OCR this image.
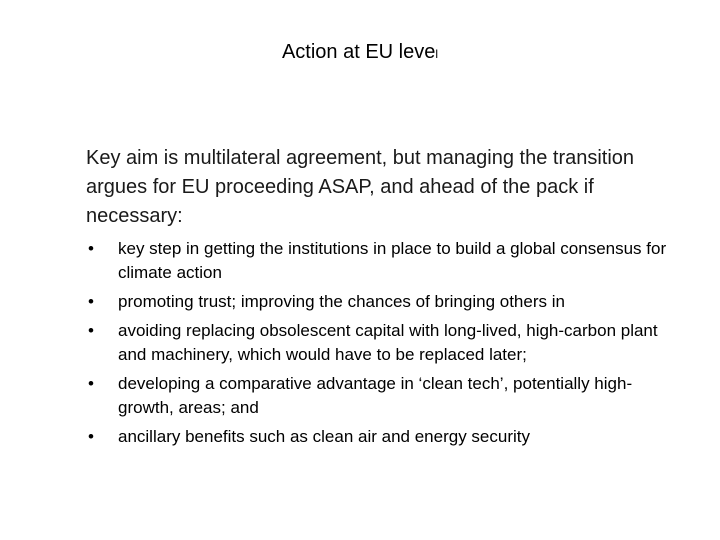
Action at EU level
Key aim is multilateral agreement, but managing the transition argues for EU proceeding ASAP, and ahead of the pack if necessary:
• key step in getting the institutions in place to build a global consensus for climate action
• promoting trust; improving the chances of bringing others in
• avoiding replacing obsolescent capital with long-lived, high-carbon plant and machinery, which would have to be replaced later;
• developing a comparative advantage in ‘clean tech’, potentially high-growth, areas; and
• ancillary benefits such as clean air and energy security
